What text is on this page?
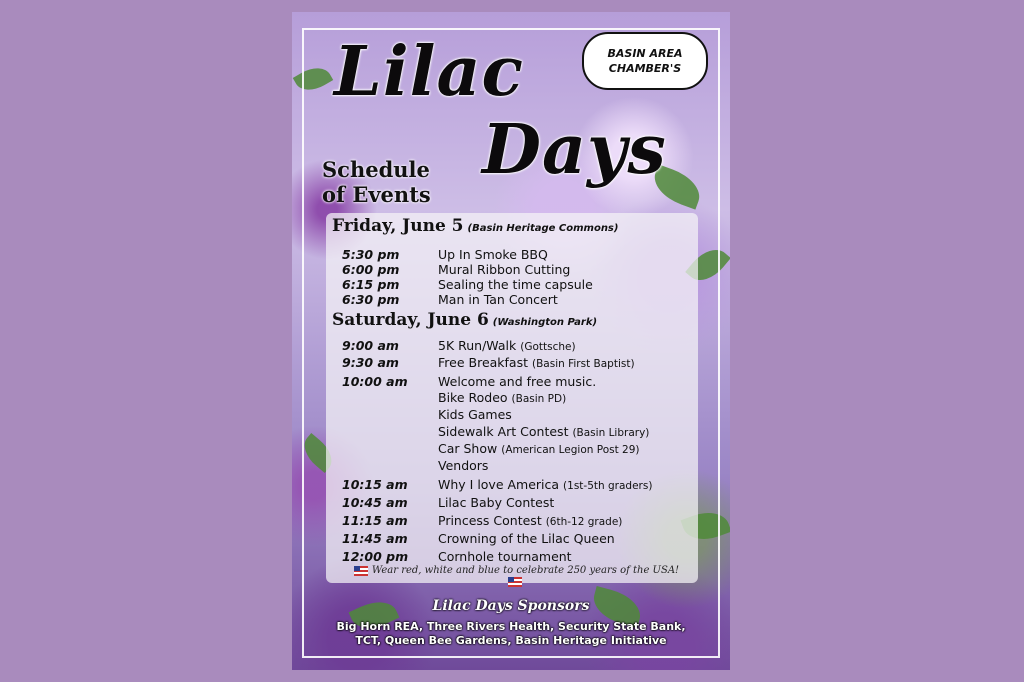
Lilac
Days
BASIN AREA
CHAMBER'S
Schedule
of Events
Friday, June 5 (Basin Heritage Commons)
5:30 pm	Up In Smoke BBQ
6:00 pm	Mural Ribbon Cutting
6:15 pm	Sealing the time capsule
6:30 pm	Man in Tan Concert
Saturday, June 6 (Washington Park)
9:00 am	5K Run/Walk (Gottsche)
9:30 am	Free Breakfast (Basin First Baptist)
10:00 am Welcome and free music.
Bike Rodeo (Basin PD)
Kids Games
Sidewalk Art Contest (Basin Library)
Car Show (American Legion Post 29)
Vendors
10:15 am Why I love America (1st-5th graders)
10:45 am Lilac Baby Contest
11:15 am Princess Contest (6th-12 grade)
11:45 am Crowning of the Lilac Queen
12:00 pm Cornhole tournament
Wear red, white and blue to celebrate 250 years of the USA!
Lilac Days Sponsors
Big Horn REA, Three Rivers Health, Security State Bank,
TCT, Queen Bee Gardens, Basin Heritage Initiative
